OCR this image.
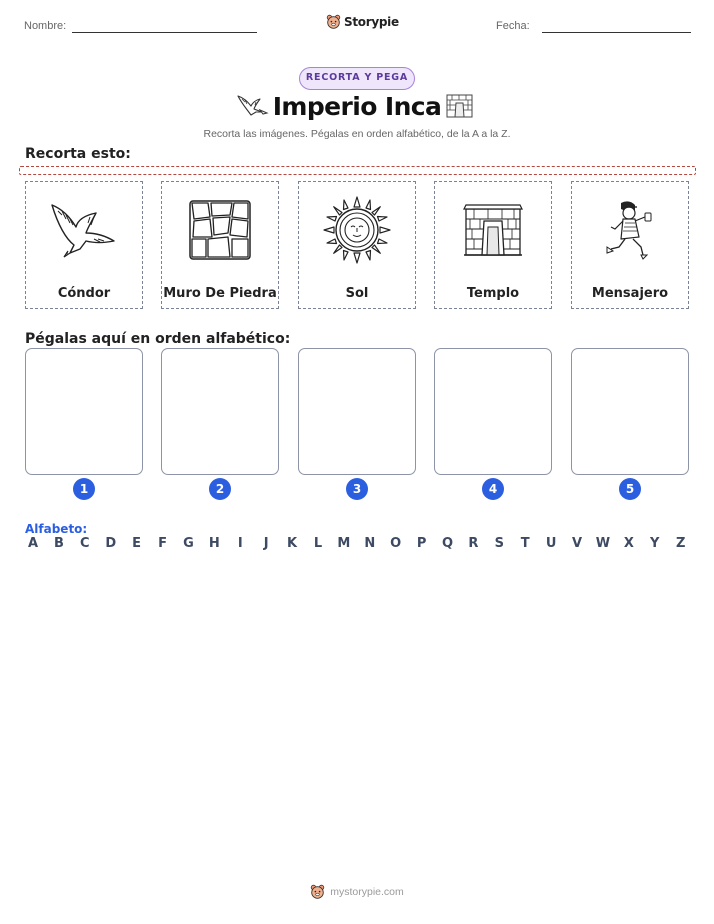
Nombre:	Storypie	Fecha:
RECORTA Y PEGA
Imperio Inca
Recorta las imágenes. Pégalas en orden alfabético, de la A a la Z.
Recorta esto:
Cóndor	Muro De Piedra	Sol	Templo	Mensajero
Pégalas aquí en orden alfabético:
1	2	3	4	5
Alfabeto:
A B C D E F G H	I	J	K L M N O P Q R S T U V W X Y Z
mystorypie.com
